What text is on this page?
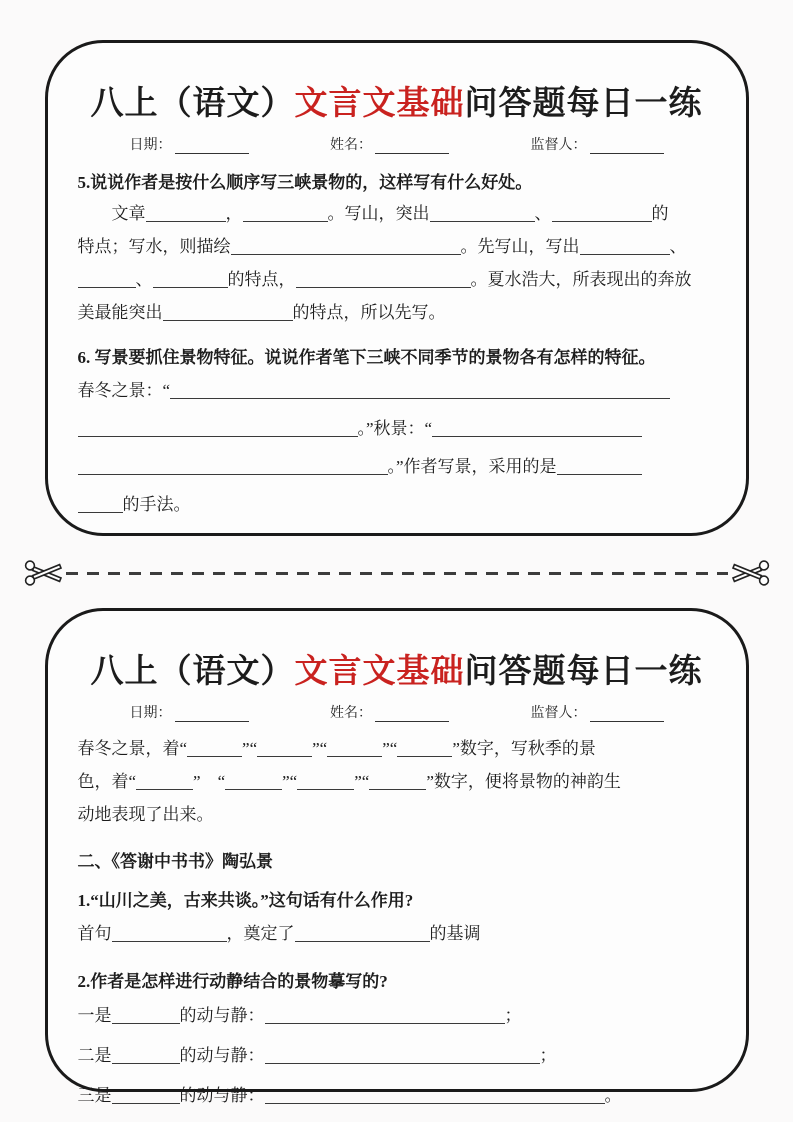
八上（语文）文言文基础问答题每日一练
日期：	姓名：	监督人：

5.说说作者是按什么顺序写三峡景物的，这样写有什么好处。

　　文章	，	。写山，突出	、	的

特点；写水，则描绘	。先写山，写出	、

、	的特点，	。夏水浩大，所表现出的奔放

美最能突出	的特点，所以先写。

6. 写景要抓住景物特征。说说作者笔下三峡不同季节的景物各有怎样的特征。

春冬之景：“

。”秋景：“

。”作者写景，采用的是

的手法。

八上（语文）文言文基础问答题每日一练
日期：	姓名：	监督人：

春冬之景，着“	”“	”“	”“	”数字，写秋季的景

色，着“	”　“	”“	”“	”数字，便将景物的神韵生

动地表现了出来。

二、《答谢中书书》陶弘景

1.“山川之美，古来共谈。”这句话有什么作用?

首句	，奠定了	的基调

2.作者是怎样进行动静结合的景物摹写的?

一是	的动与静：	；

二是	的动与静：	；

三是	的动与静：	。
